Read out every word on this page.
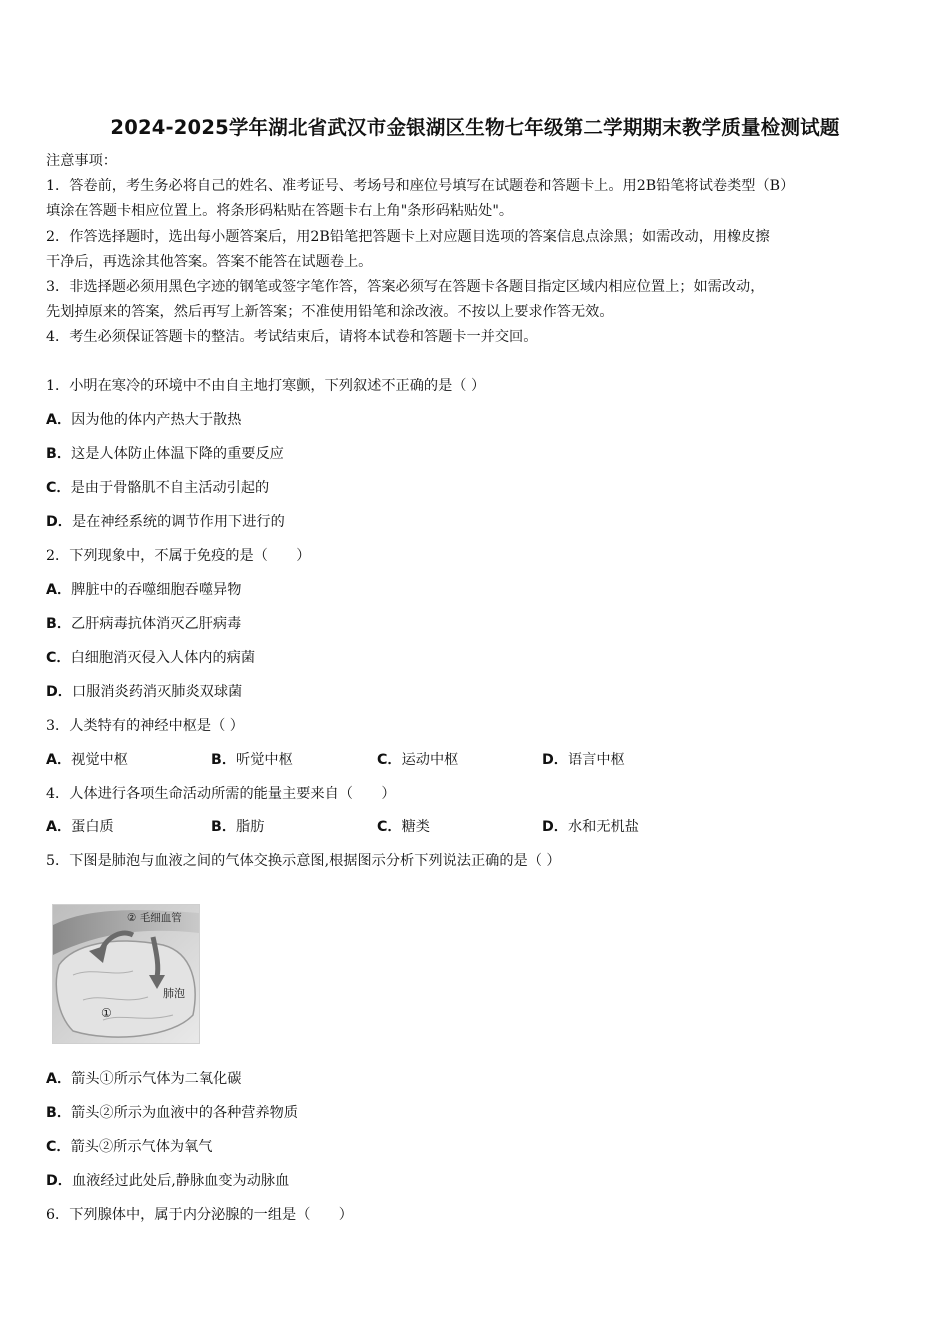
2024-2025学年湖北省武汉市金银湖区生物七年级第二学期期末教学质量检测试题
注意事项：
1．答卷前，考生务必将自己的姓名、准考证号、考场号和座位号填写在试题卷和答题卡上。用2B铅笔将试卷类型（B）
填涂在答题卡相应位置上。将条形码粘贴在答题卡右上角"条形码粘贴处"。
2．作答选择题时，选出每小题答案后，用2B铅笔把答题卡上对应题目选项的答案信息点涂黑；如需改动，用橡皮擦
干净后，再选涂其他答案。答案不能答在试题卷上。
3．非选择题必须用黑色字迹的钢笔或签字笔作答，答案必须写在答题卡各题目指定区域内相应位置上；如需改动，
先划掉原来的答案，然后再写上新答案；不准使用铅笔和涂改液。不按以上要求作答无效。
4．考生必须保证答题卡的整洁。考试结束后，请将本试卷和答题卡一并交回。
1．小明在寒冷的环境中不由自主地打寒颤，下列叙述不正确的是（ ）
A．因为他的体内产热大于散热
B．这是人体防止体温下降的重要反应
C．是由于骨骼肌不自主活动引起的
D．是在神经系统的调节作用下进行的
2．下列现象中，不属于免疫的是（　　）
A．脾脏中的吞噬细胞吞噬异物
B．乙肝病毒抗体消灭乙肝病毒
C．白细胞消灭侵入人体内的病菌
D．口服消炎药消灭肺炎双球菌
3．人类特有的神经中枢是（ ）
A．视觉中枢	B．听觉中枢	C．运动中枢	D．语言中枢
4．人体进行各项生命活动所需的能量主要来自（　　）
A．蛋白质	B．脂肪	C．糖类	D．水和无机盐
5．下图是肺泡与血液之间的气体交换示意图,根据图示分析下列说法正确的是（ ）
② 毛细血管
肺泡
①
A．箭头①所示气体为二氧化碳
B．箭头②所示为血液中的各种营养物质
C．箭头②所示气体为氧气
D．血液经过此处后,静脉血变为动脉血
6．下列腺体中，属于内分泌腺的一组是（　　）
